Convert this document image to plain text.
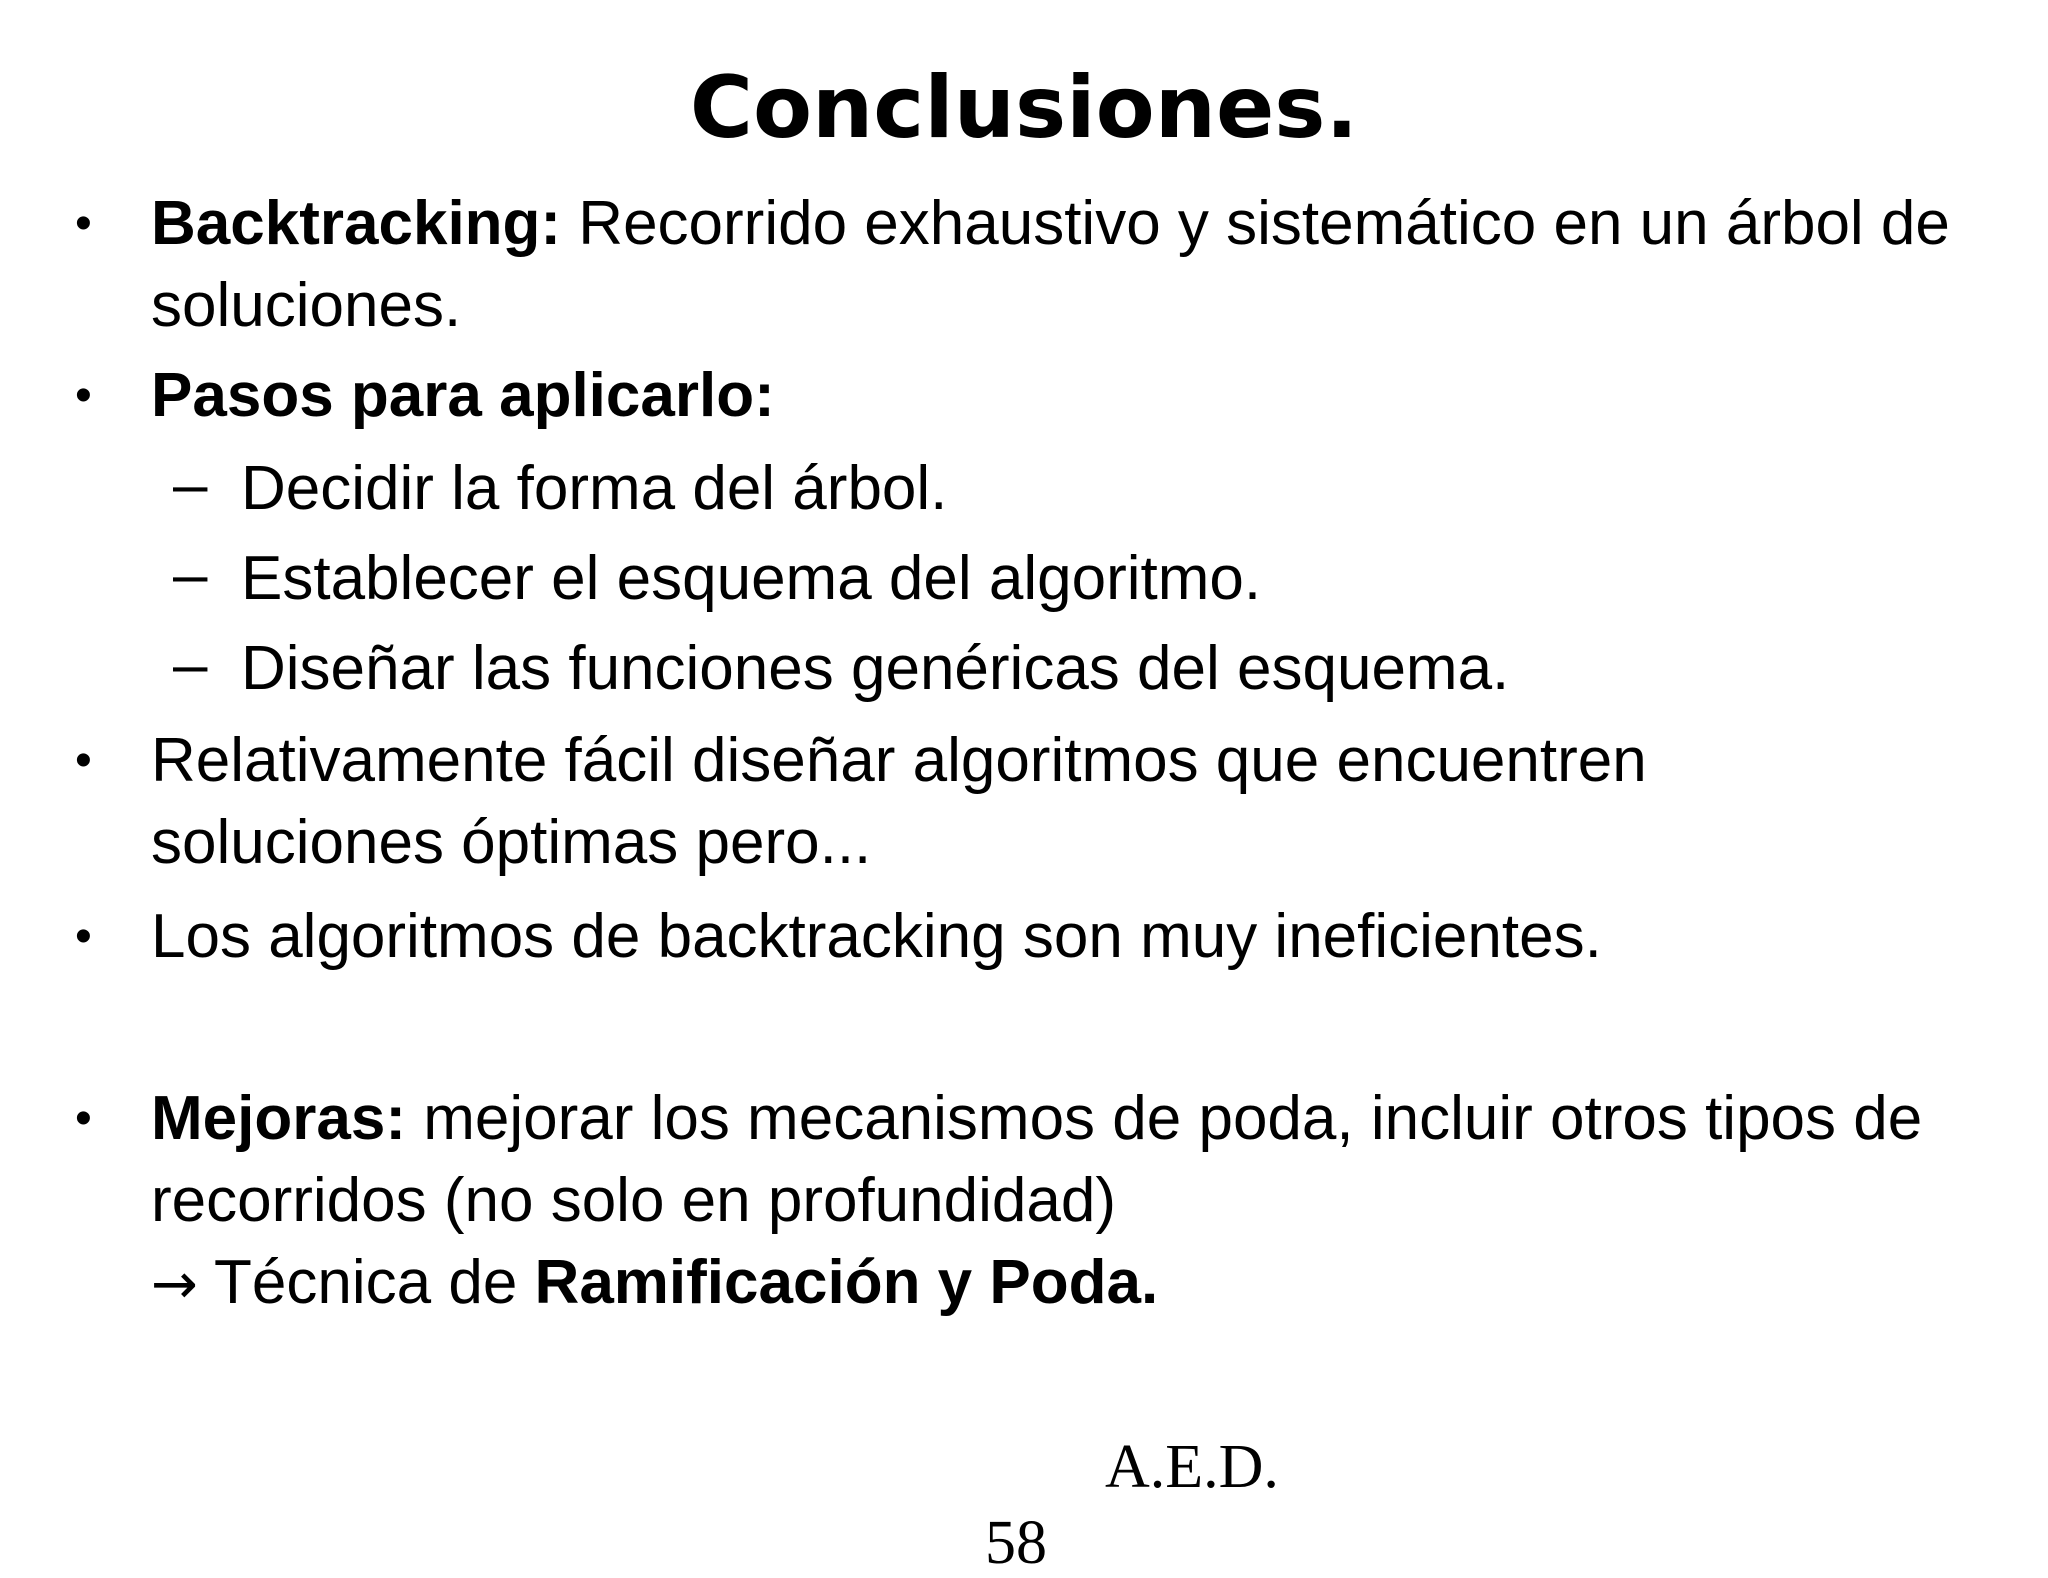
Conclusiones.
• Backtracking: Recorrido exhaustivo y sistemático en un árbol de soluciones.
• Pasos para aplicarlo:
– Decidir la forma del árbol.
– Establecer el esquema del algoritmo.
– Diseñar las funciones genéricas del esquema.
• Relativamente fácil diseñar algoritmos que encuentren soluciones óptimas pero...
• Los algoritmos de backtracking son muy ineficientes.
• Mejoras: mejorar los mecanismos de poda, incluir otros tipos de recorridos (no solo en profundidad)
→ Técnica de Ramificación y Poda.
A.E.D.
58
